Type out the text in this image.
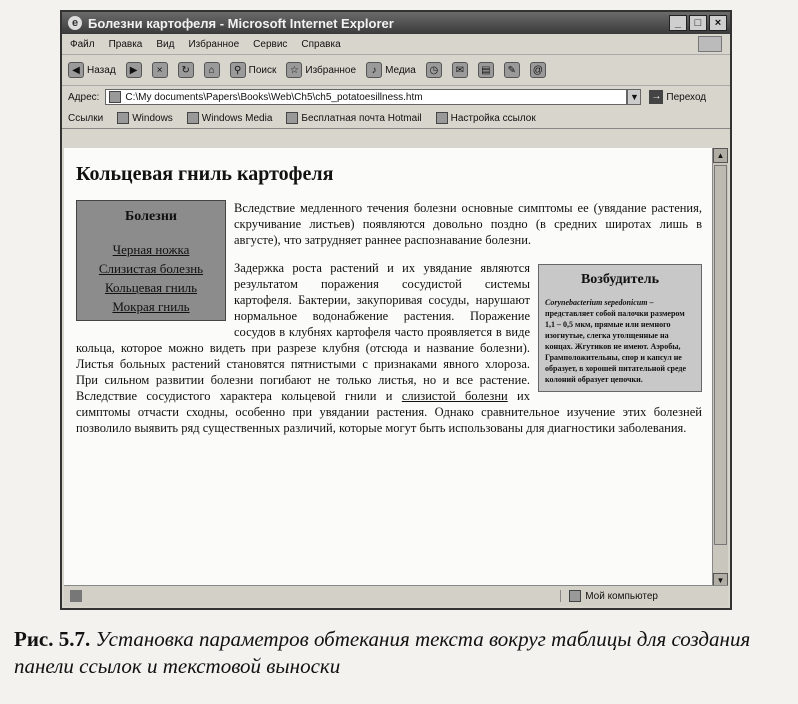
e Болезни картофеля - Microsoft Internet Explorer	_	□	×
Файл Правка Вид Избранное Сервис Справка
◀ Назад	▶	×	↻	⌂	⚲ Поиск	☆ Избранное	♪ Медиа	◷	✉	▤	✎	@
Адрес:	C:\My documents\Papers\Books\Web\Ch5\ch5_potatoesillness.htm	▼ → Переход
Ссылки	Windows	Windows Media	Бесплатная почта Hotmail	Настройка ссылок
Кольцевая гниль картофеля
Болезни
Черная ножка
Слизистая болезнь
Кольцевая гниль
Мокрая гниль

Вследствие медленного течения болезни основные симптомы ее (увядание растения, скручивание листьев) появляются довольно поздно (в средних широтах лишь в августе), что затрудняет раннее распознавание болезни.

Возбудитель
Corynebacterium sepedonicum – представляет собой палочки размером 1,1 – 0,5 мкм, прямые или немного изогнутые, слегка утолщенные на концах. Жгутиков не имеют. Аэробы, Грамположительны, спор и капсул не образует, в хорошей питательной среде колоний образует цепочки.

Задержка роста растений и их увядание являются результатом поражения сосудистой системы картофеля. Бактерии, закупоривая сосуды, нарушают нормальное водонабжение растения. Поражение сосудов в клубнях картофеля часто проявляется в виде кольца, которое можно видеть при разрезе клубня (отсюда и название болезни). Листья больных растений становятся пятнистыми с признаками явного хлороза. При сильном развитии болезни погибают не только листья, но и все растение. Вследствие сосудистого характера кольцевой гнили и слизистой болезни их симптомы отчасти сходны, особенно при увядании растения. Однако сравнительное изучение этих болезней позволило выявить ряд существенных различий, которые могут быть использованы для диагностики заболевания.

▲
▼
Мой компьютер
Рис. 5.7. Установка параметров обтекания текста вокруг таблицы для создания панели ссылок и текстовой выноски
